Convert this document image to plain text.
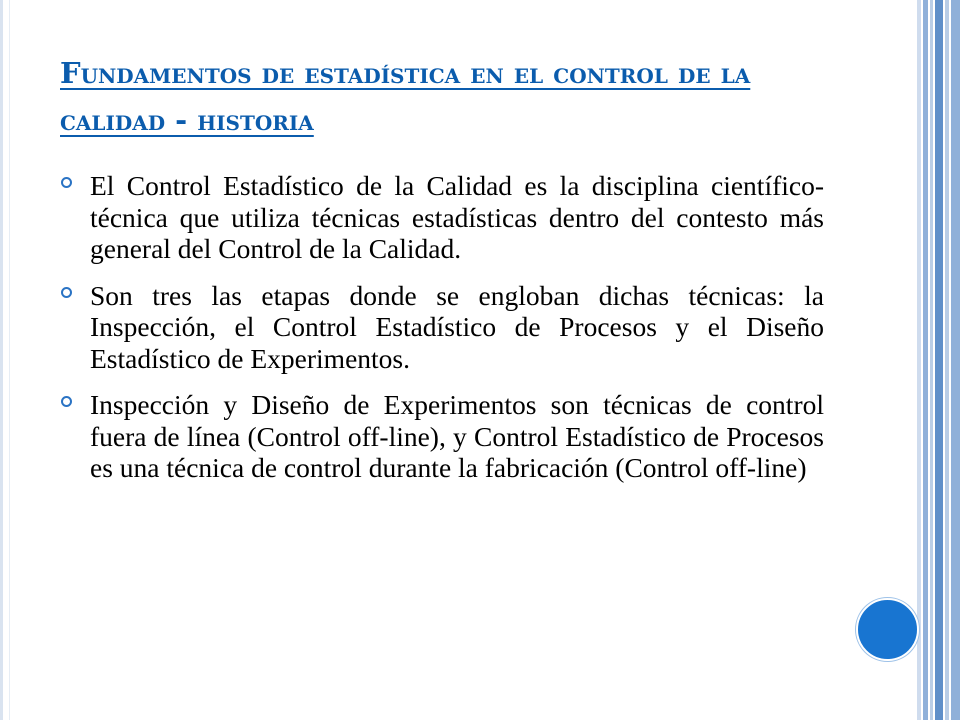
Fundamentos de estadística en el control de la calidad - historia
El Control Estadístico de la Calidad es la disciplina científico-técnica que utiliza técnicas estadísticas dentro del contesto más general del Control de la Calidad.
Son tres las etapas donde se engloban dichas técnicas: la Inspección, el Control Estadístico de Procesos y el Diseño Estadístico de Experimentos.
Inspección y Diseño de Experimentos son técnicas de control fuera de línea (Control off-line), y Control Estadístico de Procesos es una técnica de control durante la fabricación (Control off-line)
